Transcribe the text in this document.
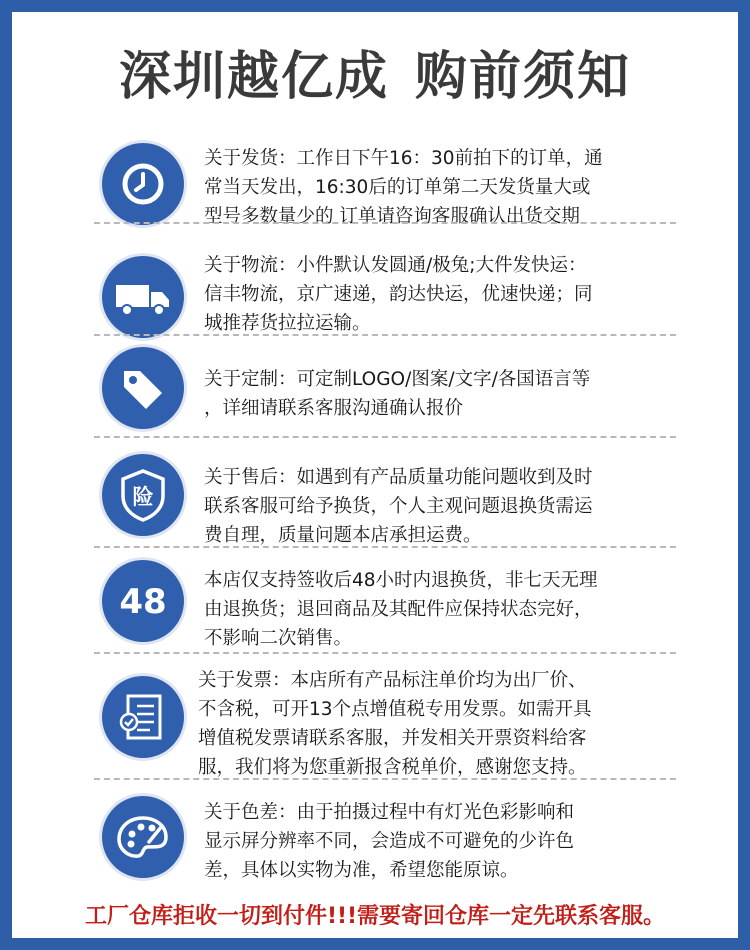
深圳越亿成 购前须知
关于发货：工作日下午16：30前拍下的订单，通
常当天发出，16:30后的订单第二天发货量大或
型号多数量少的 订单请咨询客服确认出货交期
关于物流：小件默认发圆通/极兔;大件发快运：
信丰物流，京广速递，韵达快运，优速快递；同
城推荐货拉拉运输。
关于定制：可定制LOGO/图案/文字/各国语言等
，详细请联系客服沟通确认报价
险
关于售后：如遇到有产品质量功能问题收到及时
联系客服可给予换货，个人主观问题退换货需运
费自理，质量问题本店承担运费。
48
本店仅支持签收后48小时内退换货，非七天无理
由退换货；退回商品及其配件应保持状态完好，
不影响二次销售。
关于发票：本店所有产品标注单价均为出厂价、
不含税，可开13个点增值税专用发票。如需开具
增值税发票请联系客服，并发相关开票资料给客
服，我们将为您重新报含税单价，感谢您支持。
关于色差：由于拍摄过程中有灯光色彩影响和
显示屏分辨率不同，会造成不可避免的少许色
差，具体以实物为准，希望您能原谅。
工厂仓库拒收一切到付件!!!需要寄回仓库一定先联系客服。
